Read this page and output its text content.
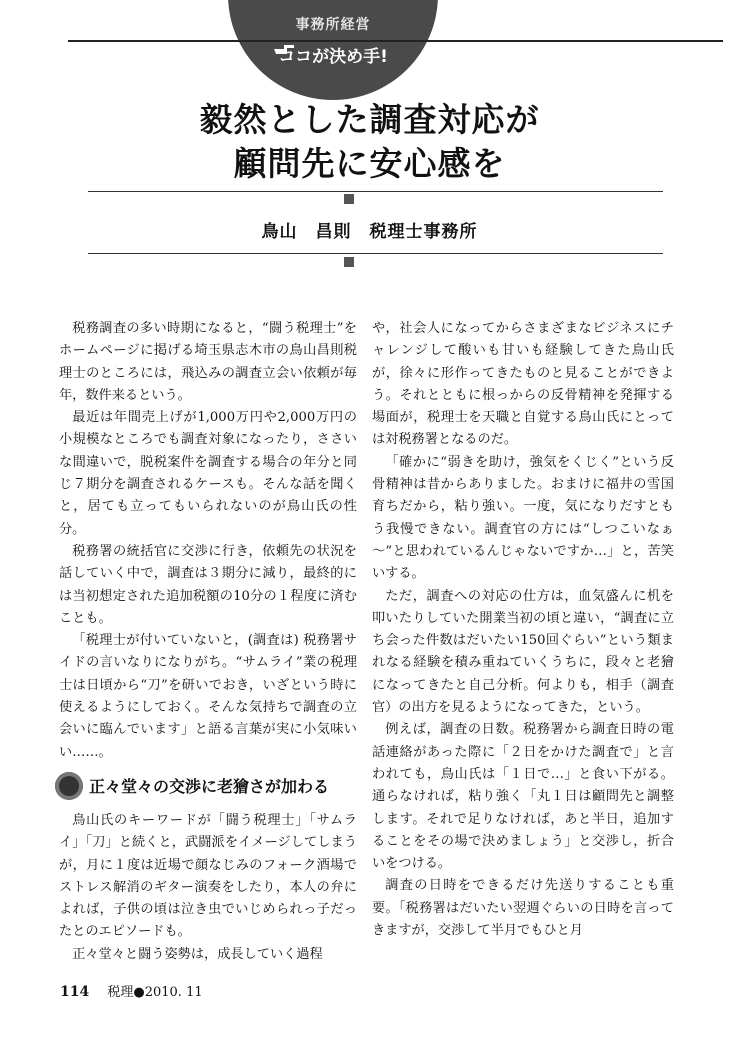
事務所経営
ココが決め手!
毅然とした調査対応が
顧問先に安心感を
鳥山　昌則　税理士事務所

税務調査の多い時期になると，“闘う税理士”をホームページに掲げる埼玉県志木市の鳥山昌則税理士のところには，飛込みの調査立会い依頼が毎年，数件来るという。

最近は年間売上げが1,000万円や2,000万円の小規模なところでも調査対象になったり，ささいな間違いで，脱税案件を調査する場合の年分と同じ７期分を調査されるケースも。そんな話を聞くと，居ても立ってもいられないのが鳥山氏の性分。

税務署の統括官に交渉に行き，依頼先の状況を話していく中で，調査は３期分に減り，最終的には当初想定された追加税額の10分の１程度に済むことも。

「税理士が付いていないと，(調査は) 税務署サイドの言いなりになりがち。“サムライ”業の税理士は日頃から“刀”を研いでおき，いざという時に使えるようにしておく。そんな気持ちで調査の立会いに臨んでいます」と語る言葉が実に小気味いい……。

正々堂々の交渉に老獪さが加わる

鳥山氏のキーワードが「闘う税理士」「サムライ」「刀」と続くと，武闘派をイメージしてしまうが，月に１度は近場で顔なじみのフォーク酒場でストレス解消のギター演奏をしたり，本人の弁によれば，子供の頃は泣き虫でいじめられっ子だったとのエピソードも。

正々堂々と闘う姿勢は，成長していく過程

や，社会人になってからさまざまなビジネスにチャレンジして酸いも甘いも経験してきた鳥山氏が，徐々に形作ってきたものと見ることができよう。それとともに根っからの反骨精神を発揮する場面が，税理士を天職と自覚する鳥山氏にとっては対税務署となるのだ。

「確かに“弱きを助け，強気をくじく”という反骨精神は昔からありました。おまけに福井の雪国育ちだから，粘り強い。一度，気になりだすともう我慢できない。調査官の方には“しつこいなぁ～”と思われているんじゃないですか…」と，苦笑いする。

ただ，調査への対応の仕方は，血気盛んに机を叩いたりしていた開業当初の頃と違い，“調査に立ち会った件数はだいたい150回ぐらい”という類まれなる経験を積み重ねていくうちに，段々と老獪になってきたと自己分析。何よりも，相手（調査官）の出方を見るようになってきた，という。

例えば，調査の日数。税務署から調査日時の電話連絡があった際に「２日をかけた調査で」と言われても，鳥山氏は「１日で…」と食い下がる。通らなければ，粘り強く「丸１日は顧問先と調整します。それで足りなければ，あと半日，追加することをその場で決めましょう」と交渉し，折合いをつける。

調査の日時をできるだけ先送りすることも重要。「税務署はだいたい翌週ぐらいの日時を言ってきますが，交渉して半月でもひと月

114 税理●2010. 11
